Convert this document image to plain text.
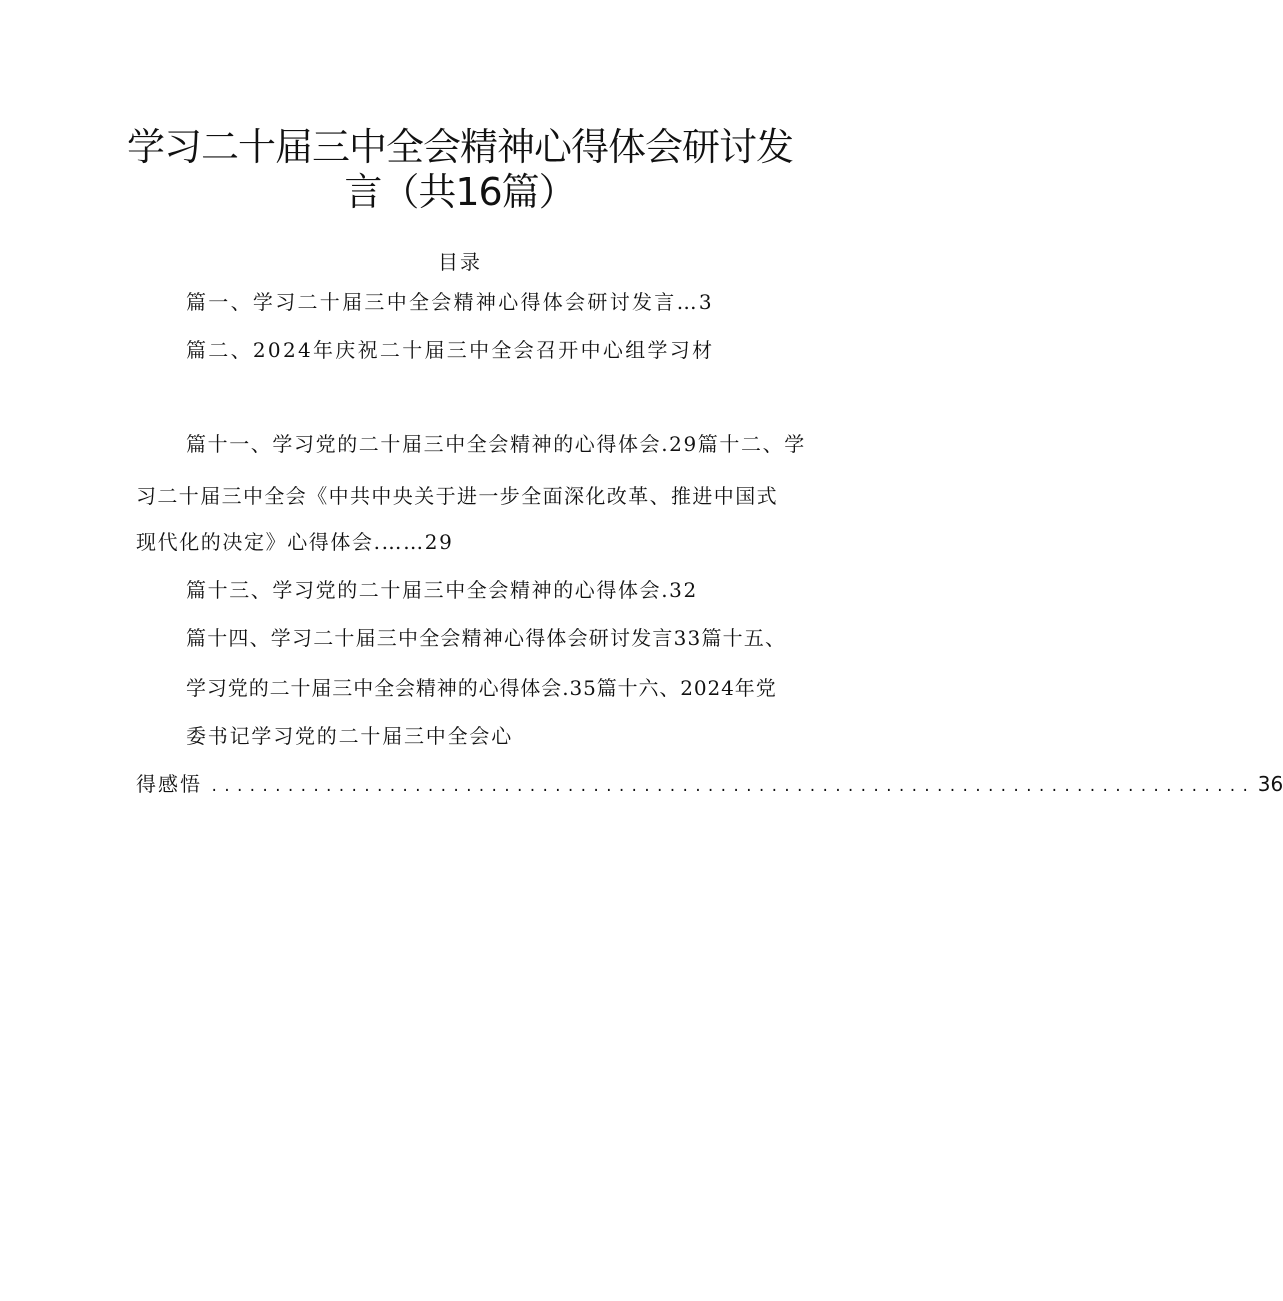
学习二十届三中全会精神心得体会研讨发
言（共16篇）
目录
篇一、学习二十届三中全会精神心得体会研讨发言…3
篇二、2024年庆祝二十届三中全会召开中心组学习材
篇十一、学习党的二十届三中全会精神的心得体会.29篇十二、学
习二十届三中全会《中共中央关于进一步全面深化改革、推进中国式
现代化的决定》心得体会.……29
篇十三、学习党的二十届三中全会精神的心得体会.32
篇十四、学习二十届三中全会精神心得体会研讨发言33篇十五、
学习党的二十届三中全会精神的心得体会.35篇十六、2024年党
委书记学习党的二十届三中全会心
得感悟 .................................................................................. 36
